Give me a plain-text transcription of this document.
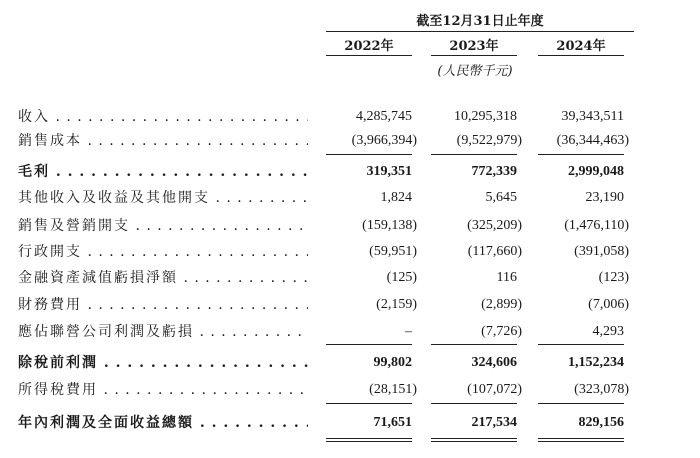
截至12月31日止年度
2022年	2023年	2024年
(人民幣千元)
收入 . . .	4,285,745	10,295,318	39,343,511
銷售成本 . . .	(3,966,394)	(9,522,979) (36,344,463)
毛利 . . .	319,351	772,339	2,999,048
其他收入及收益及其他開支 . . .	1,824	5,645	23,190
銷售及營銷開支 . . .	(159,138)	(325,209)	(1,476,110)
行政開支 . . .	(59,951)	(117,660)	(391,058)
金融資產減值虧損淨額 . . .	(125)	116	(123)
財務費用 . . .	(2,159)	(2,899)	(7,006)
應佔聯營公司利潤及虧損 . . .	–	(7,726)	4,293
除稅前利潤 . . .	99,802	324,606	1,152,234
所得稅費用 . . .	(28,151)	(107,072)	(323,078)
年內利潤及全面收益總額 . . .	71,651	217,534	829,156
